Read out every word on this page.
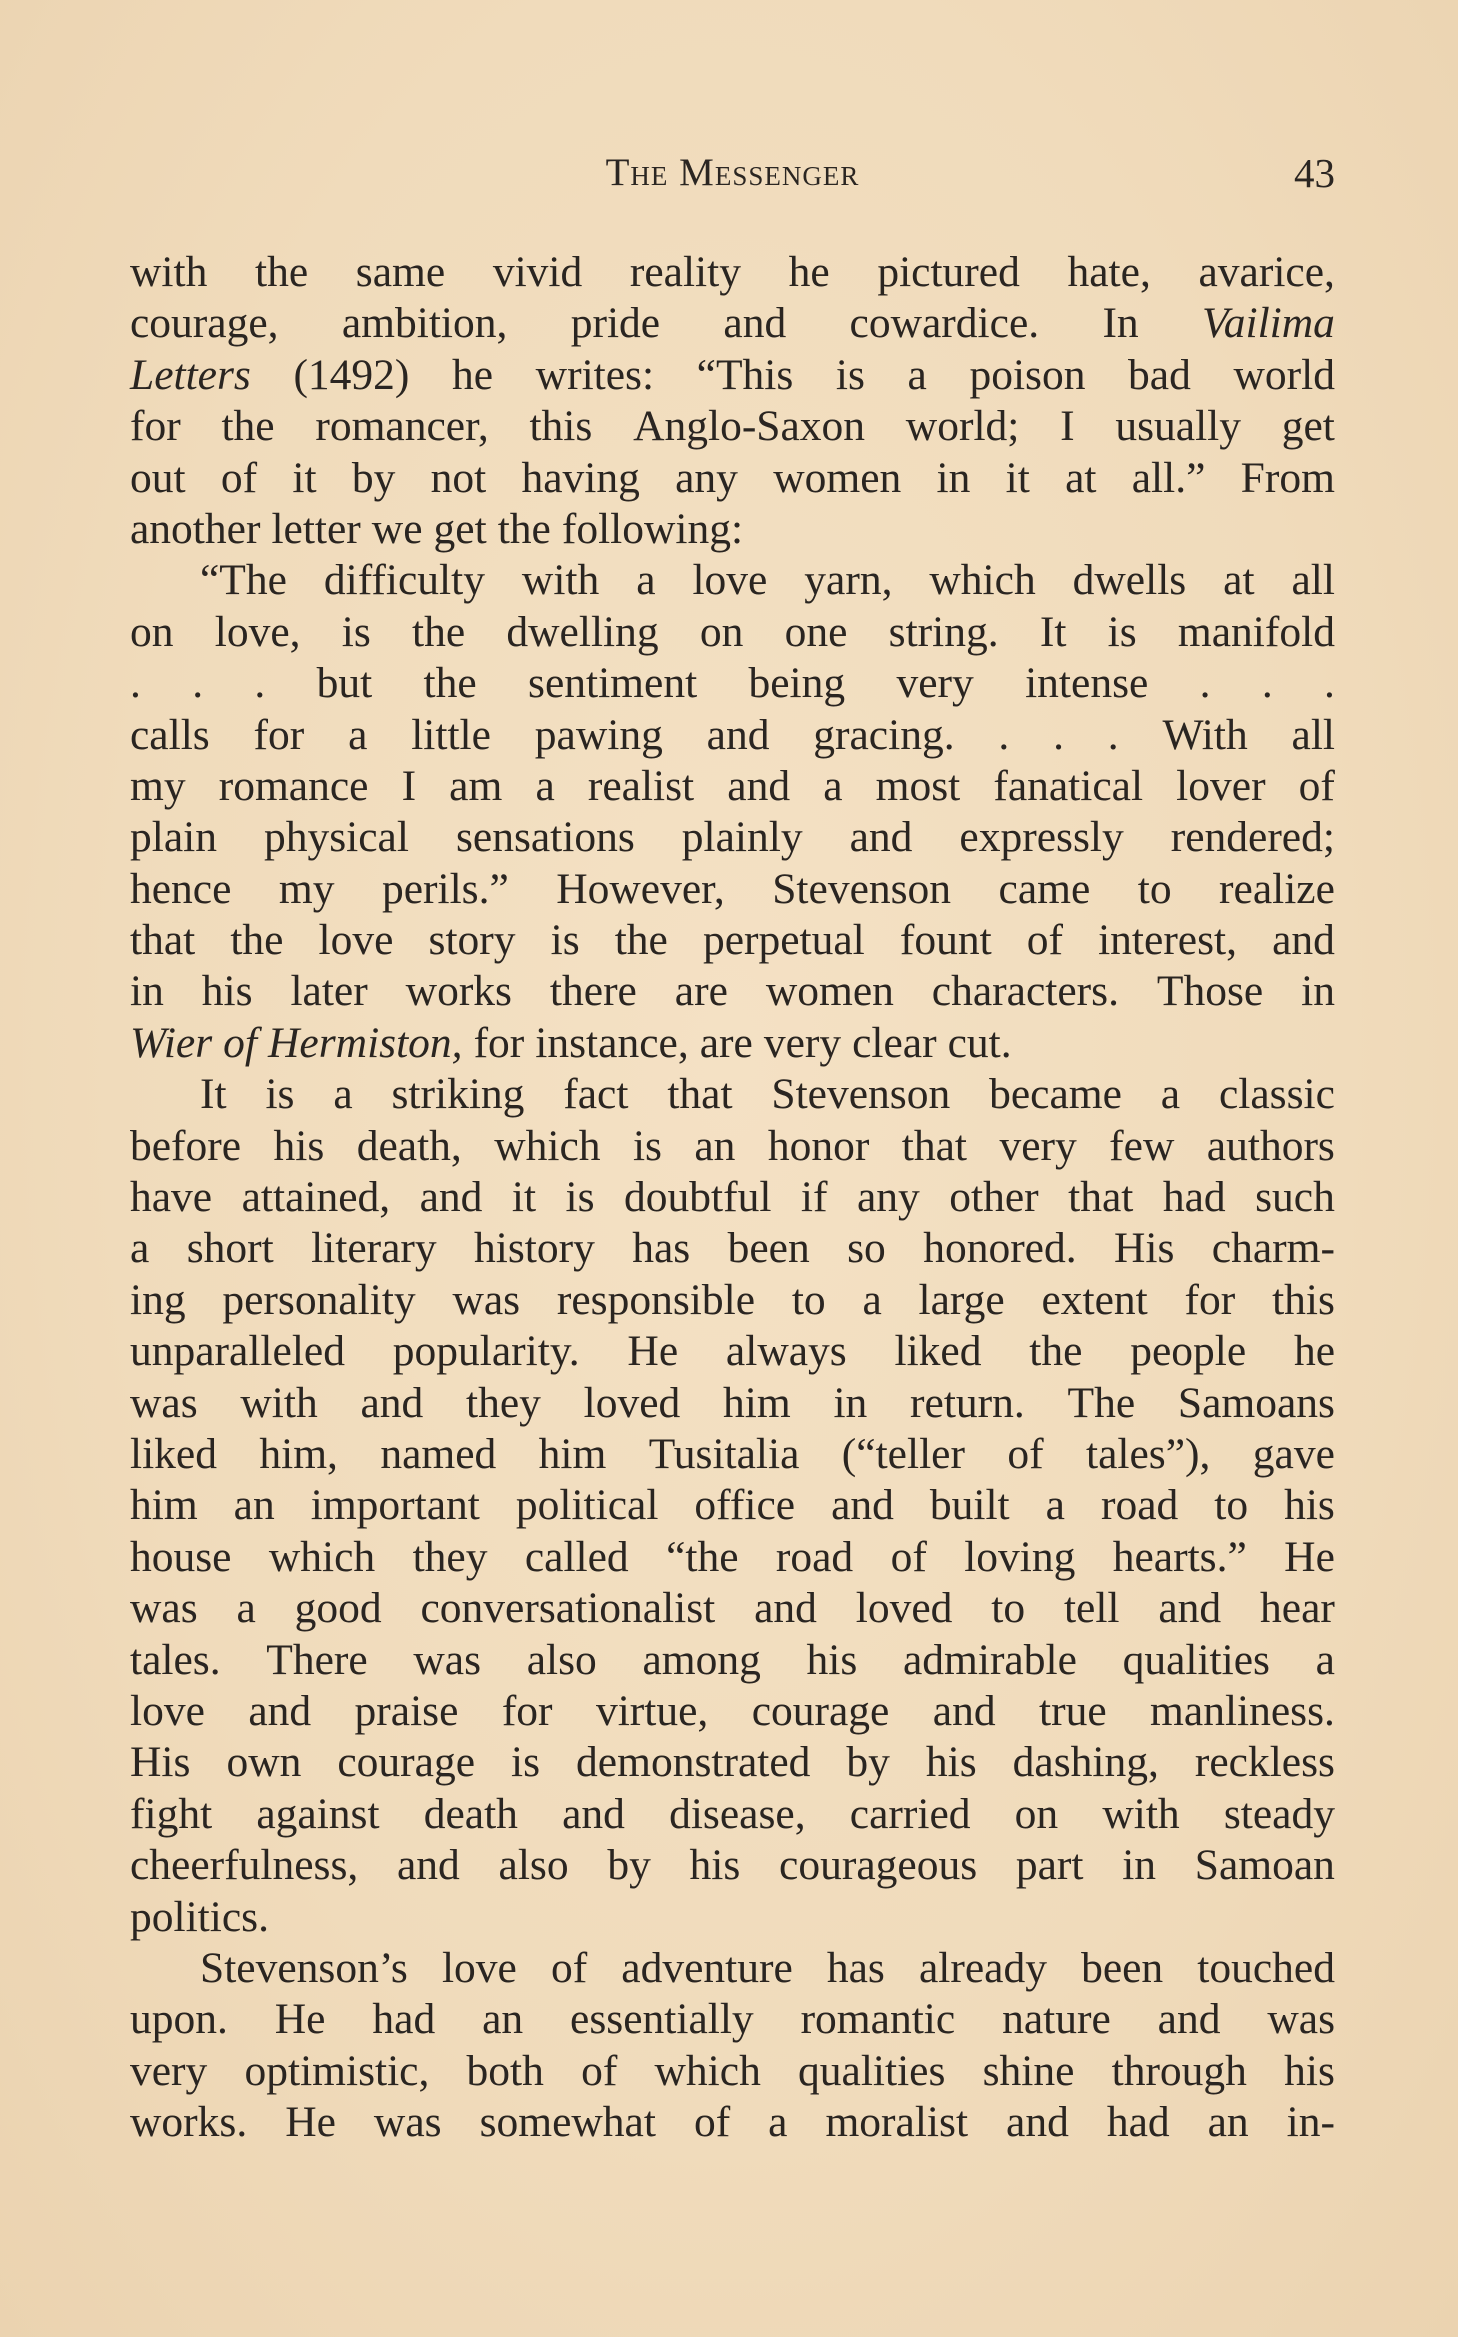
The Messenger	43
with the same vivid reality he pictured hate, avarice,
courage, ambition, pride and cowardice. In Vailima
Letters (1492) he writes: “This is a poison bad world
for the romancer, this Anglo-Saxon world; I usually get
out of it by not having any women in it at all.” From
another letter we get the following:
“The difficulty with a love yarn, which dwells at all
on love, is the dwelling on one string. It is manifold
. . . but the sentiment being very intense . . .
calls for a little pawing and gracing. . . . With all
my romance I am a realist and a most fanatical lover of
plain physical sensations plainly and expressly rendered;
hence my perils.” However, Stevenson came to realize
that the love story is the perpetual fount of interest, and
in his later works there are women characters. Those in
Wier of Hermiston, for instance, are very clear cut.
It is a striking fact that Stevenson became a classic
before his death, which is an honor that very few authors
have attained, and it is doubtful if any other that had such
a short literary history has been so honored. His charm-
ing personality was responsible to a large extent for this
unparalleled popularity. He always liked the people he
was with and they loved him in return. The Samoans
liked him, named him Tusitalia (“teller of tales”), gave
him an important political office and built a road to his
house which they called “the road of loving hearts.” He
was a good conversationalist and loved to tell and hear
tales. There was also among his admirable qualities a
love and praise for virtue, courage and true manliness.
His own courage is demonstrated by his dashing, reckless
fight against death and disease, carried on with steady
cheerfulness, and also by his courageous part in Samoan
politics.
Stevenson’s love of adventure has already been touched
upon. He had an essentially romantic nature and was
very optimistic, both of which qualities shine through his
works. He was somewhat of a moralist and had an in-
